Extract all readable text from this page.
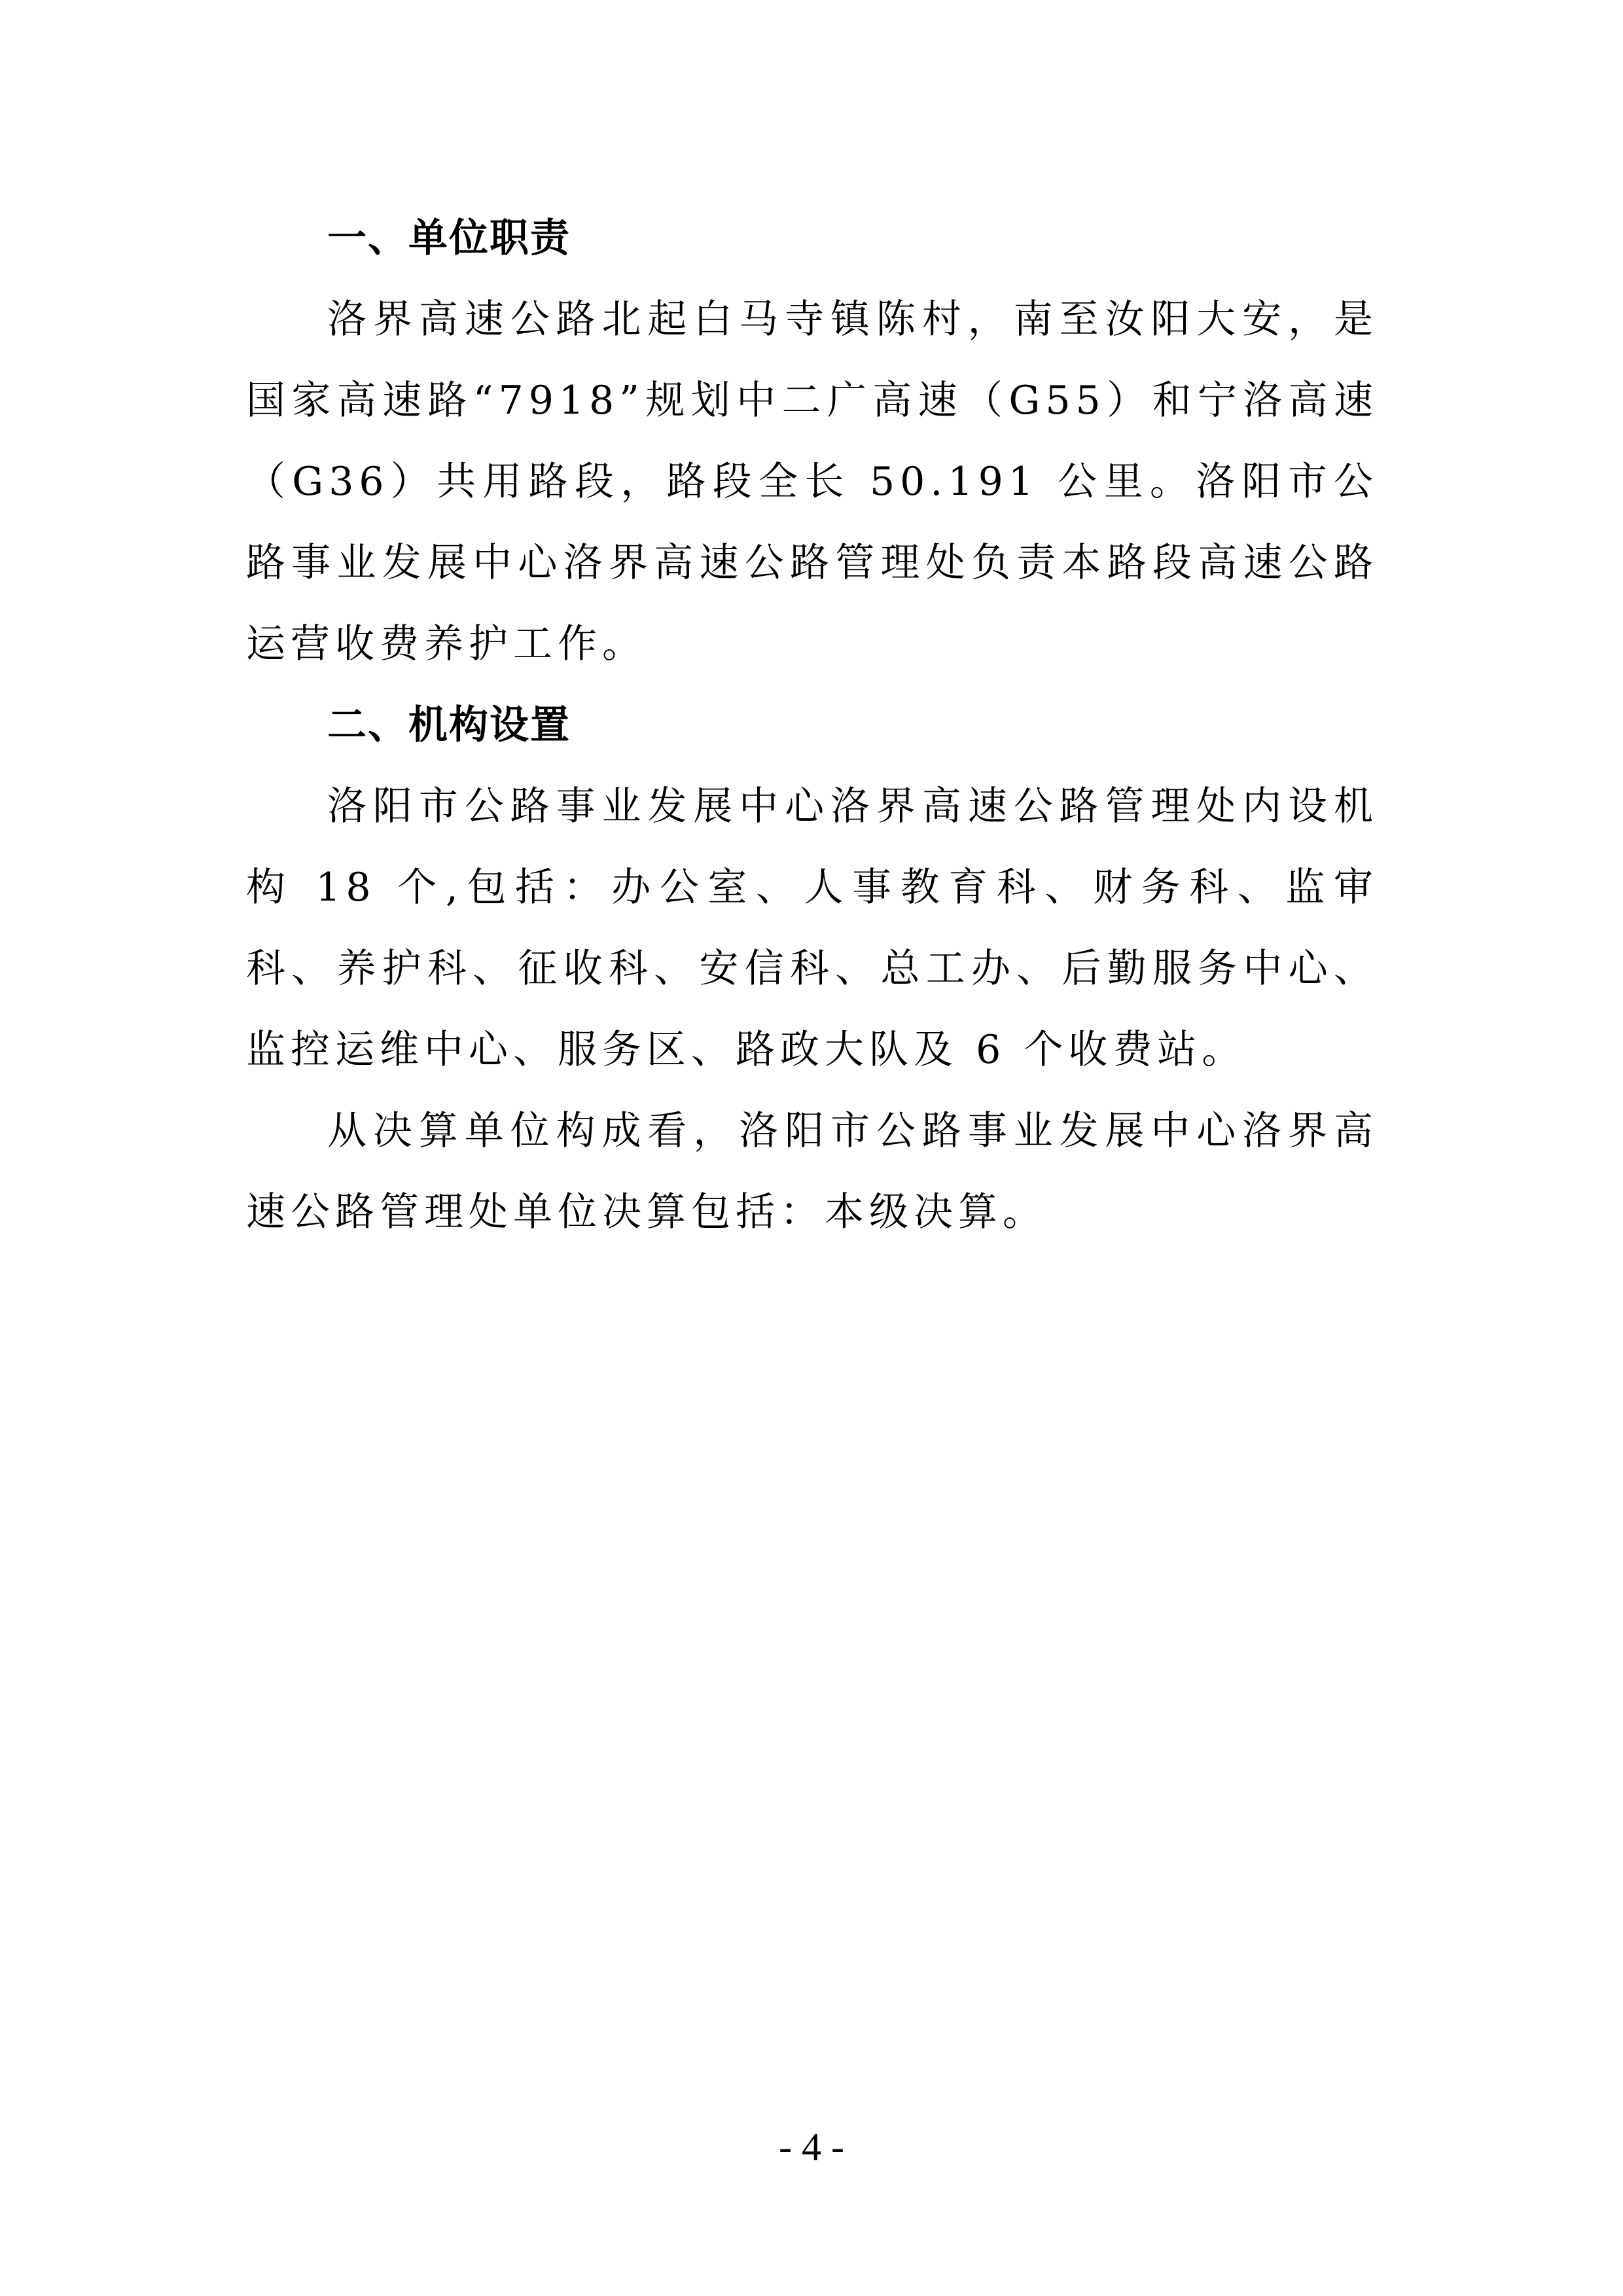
一、单位职责

洛界高速公路北起白马寺镇陈村，南至汝阳大安，是国家高速路“7918”规划中二广高速（G55）和宁洛高速（G36）共用路段，路段全长 50.191 公里。洛阳市公路事业发展中心洛界高速公路管理处负责本路段高速公路运营收费养护工作。

二、机构设置

洛阳市公路事业发展中心洛界高速公路管理处内设机构 18 个,包括：办公室、人事教育科、财务科、监审科、养护科、征收科、安信科、总工办、后勤服务中心、监控运维中心、服务区、路政大队及 6 个收费站。

从决算单位构成看，洛阳市公路事业发展中心洛界高速公路管理处单位决算包括：本级决算。

- 4 -
